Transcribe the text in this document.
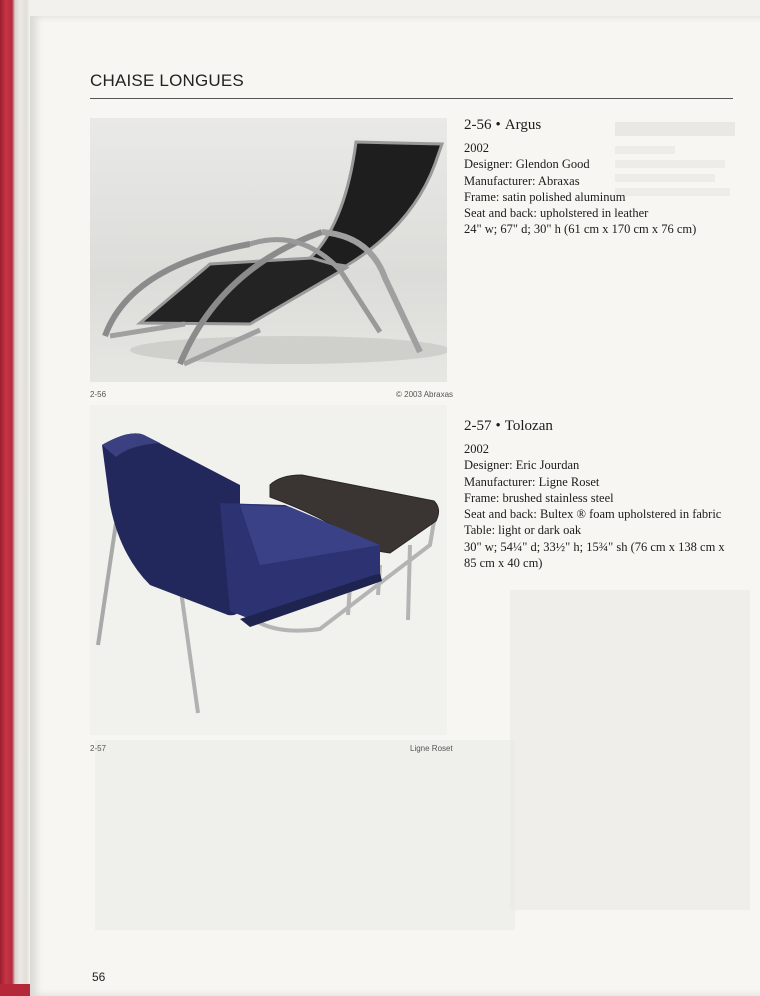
CHAISE LONGUES
2-56	© 2003 Abraxas
2-57	Ligne Roset
2-56 • Argus
2002
Designer: Glendon Good
Manufacturer: Abraxas
Frame: satin polished aluminum
Seat and back: upholstered in leather
24" w; 67" d; 30" h (61 cm x 170 cm x 76 cm)
2-57 • Tolozan
2002
Designer: Eric Jourdan
Manufacturer: Ligne Roset
Frame: brushed stainless steel
Seat and back: Bultex ® foam upholstered in fabric
Table: light or dark oak
30" w; 54¼" d; 33½" h; 15¾" sh (76 cm x 138 cm x 85 cm x 40 cm)
56
